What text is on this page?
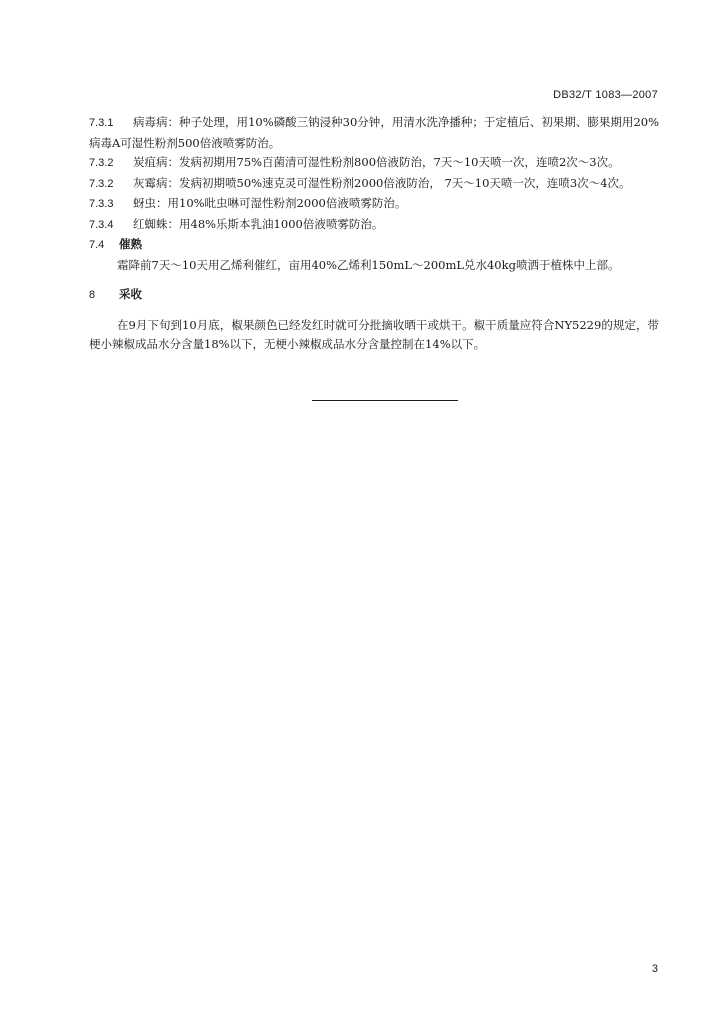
DB32/T 1083—2007

7.3.1 病毒病：种子处理，用10%磷酸三钠浸种30分钟，用清水洗净播种；于定植后、初果期、膨果期用20%病毒A可湿性粉剂500倍液喷雾防治。

7.3.2 炭疽病：发病初期用75%百菌清可湿性粉剂800倍液防治，7天～10天喷一次，连喷2次～3次。

7.3.2 灰霉病：发病初期喷50%速克灵可湿性粉剂2000倍液防治， 7天～10天喷一次，连喷3次～4次。

7.3.3 蚜虫：用10%吡虫啉可湿性粉剂2000倍液喷雾防治。

7.3.4 红蜘蛛：用48%乐斯本乳油1000倍液喷雾防治。

7.4 催熟

霜降前7天～10天用乙烯利催红，亩用40%乙烯利150mL～200mL兑水40kg喷洒于植株中上部。

8 采收

在9月下旬到10月底，椒果颜色已经发红时就可分批摘收晒干或烘干。椒干质量应符合NY5229的规定，带梗小辣椒成品水分含量18%以下，无梗小辣椒成品水分含量控制在14%以下。

3
